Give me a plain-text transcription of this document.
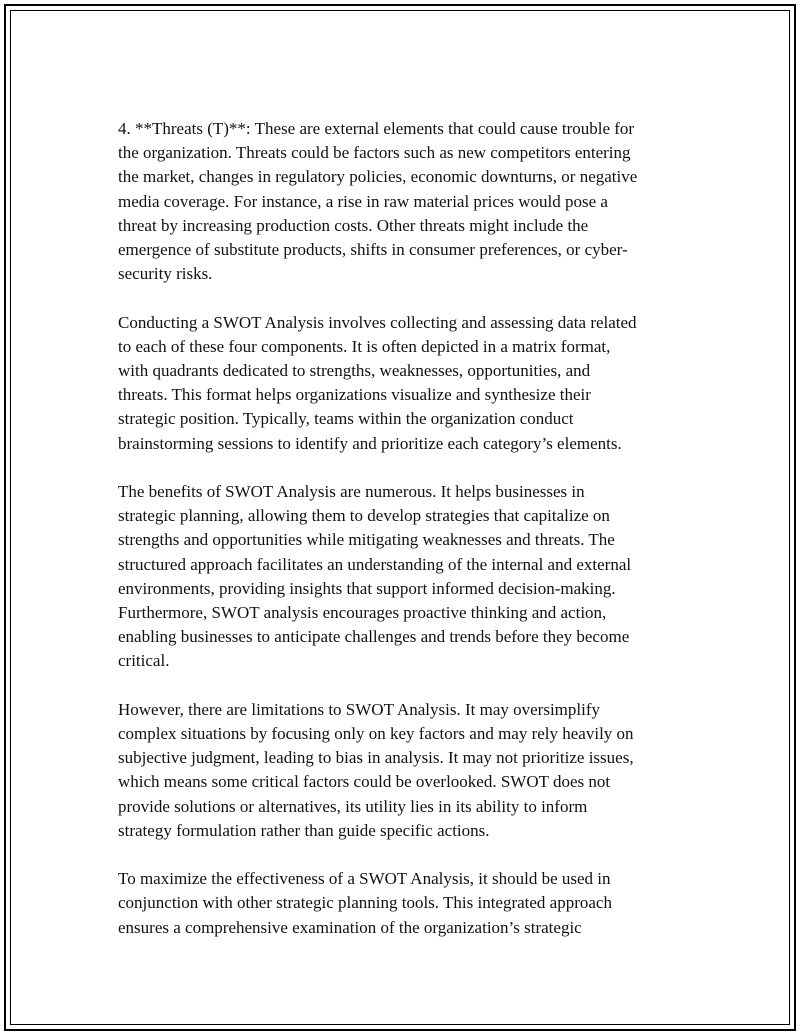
4. **Threats (T)**: These are external elements that could cause trouble for
the organization. Threats could be factors such as new competitors entering
the market, changes in regulatory policies, economic downturns, or negative
media coverage. For instance, a rise in raw material prices would pose a
threat by increasing production costs. Other threats might include the
emergence of substitute products, shifts in consumer preferences, or cyber-
security risks.

Conducting a SWOT Analysis involves collecting and assessing data related
to each of these four components. It is often depicted in a matrix format,
with quadrants dedicated to strengths, weaknesses, opportunities, and
threats. This format helps organizations visualize and synthesize their
strategic position. Typically, teams within the organization conduct
brainstorming sessions to identify and prioritize each category’s elements.

The benefits of SWOT Analysis are numerous. It helps businesses in
strategic planning, allowing them to develop strategies that capitalize on
strengths and opportunities while mitigating weaknesses and threats. The
structured approach facilitates an understanding of the internal and external
environments, providing insights that support informed decision-making.
Furthermore, SWOT analysis encourages proactive thinking and action,
enabling businesses to anticipate challenges and trends before they become
critical.

However, there are limitations to SWOT Analysis. It may oversimplify
complex situations by focusing only on key factors and may rely heavily on
subjective judgment, leading to bias in analysis. It may not prioritize issues,
which means some critical factors could be overlooked. SWOT does not
provide solutions or alternatives, its utility lies in its ability to inform
strategy formulation rather than guide specific actions.

To maximize the effectiveness of a SWOT Analysis, it should be used in
conjunction with other strategic planning tools. This integrated approach
ensures a comprehensive examination of the organization’s strategic
